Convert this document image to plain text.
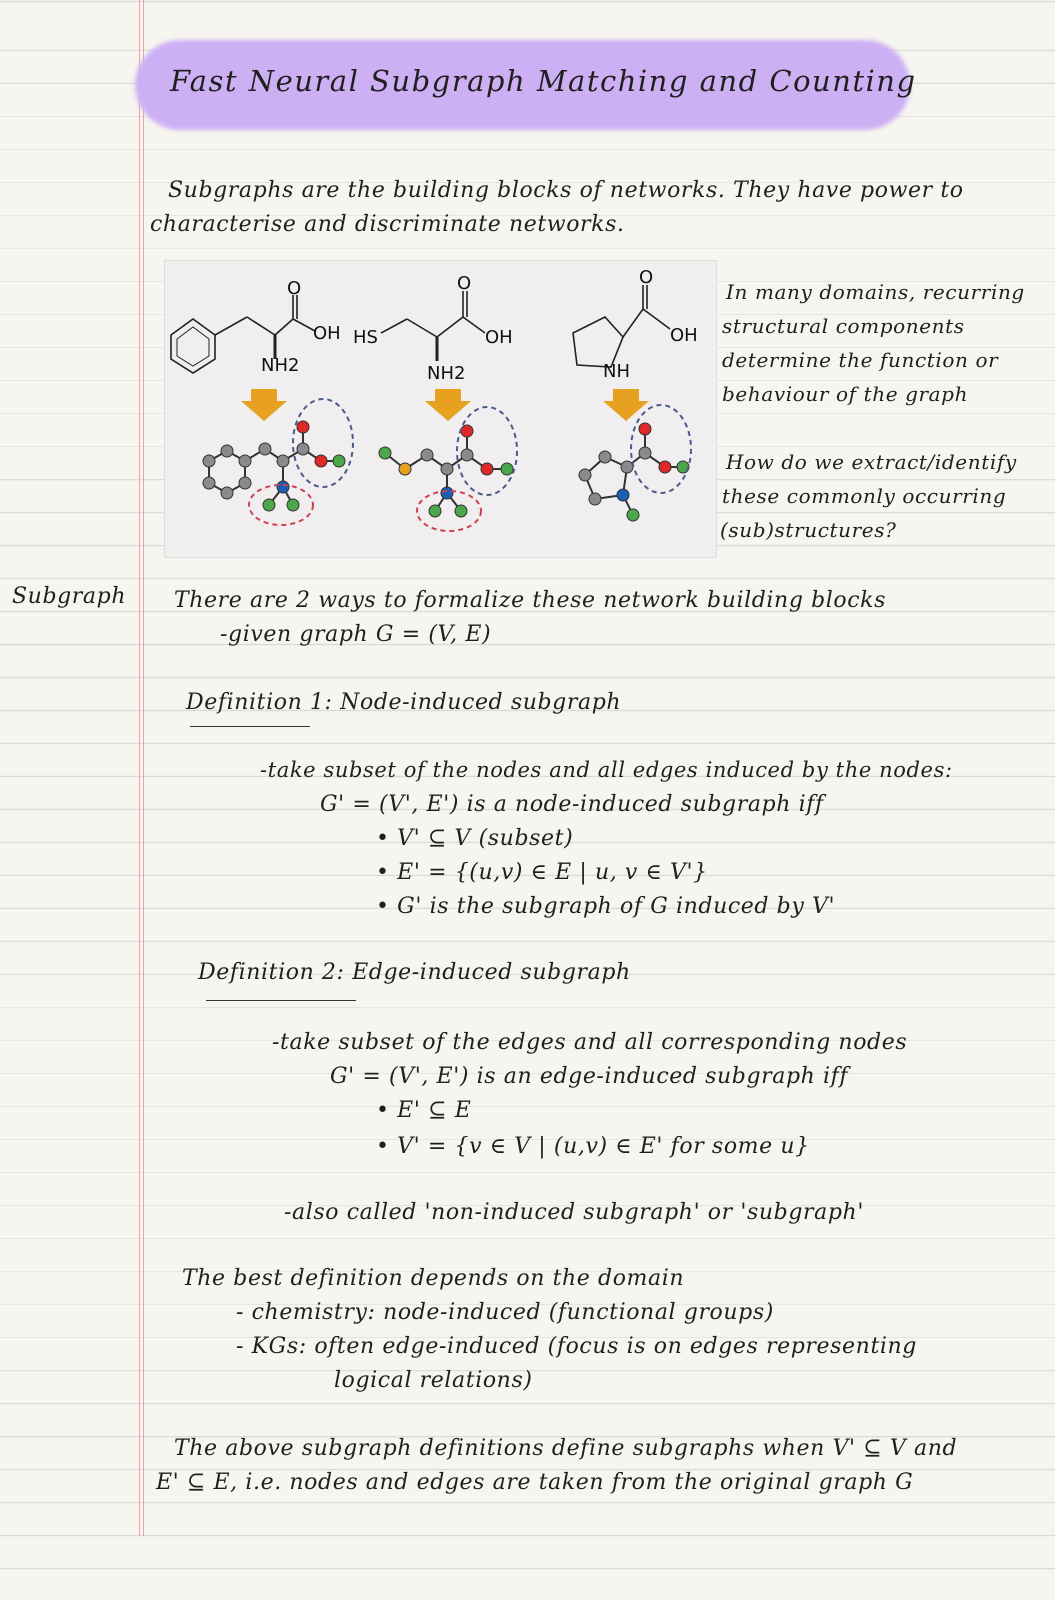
Fast Neural Subgraph Matching and Counting
Subgraphs are the building blocks of networks. They have power to
characterise and discriminate networks.
O
OH
NH2
HS
O
OH
NH2
O
OH
NH
In many domains, recurring
structural components
determine the function or
behaviour of the graph
How do we extract/identify
these commonly occurring
(sub)structures?
Subgraph There are 2 ways to formalize these network building blocks
-given graph G = (V, E)
Definition 1: Node-induced subgraph
-take subset of the nodes and all edges induced by the nodes:
G' = (V', E') is a node-induced subgraph iff
• V' ⊆ V (subset)
• E' = {(u,v) ∈ E | u, v ∈ V'}
• G' is the subgraph of G induced by V'
Definition 2: Edge-induced subgraph
-take subset of the edges and all corresponding nodes
G' = (V', E') is an edge-induced subgraph iff
• E' ⊆ E
• V' = {v ∈ V | (u,v) ∈ E' for some u}
-also called 'non-induced subgraph' or 'subgraph'
The best definition depends on the domain
- chemistry: node-induced (functional groups)
- KGs: often edge-induced (focus is on edges representing
logical relations)
The above subgraph definitions define subgraphs when V' ⊆ V and
E' ⊆ E, i.e. nodes and edges are taken from the original graph G
